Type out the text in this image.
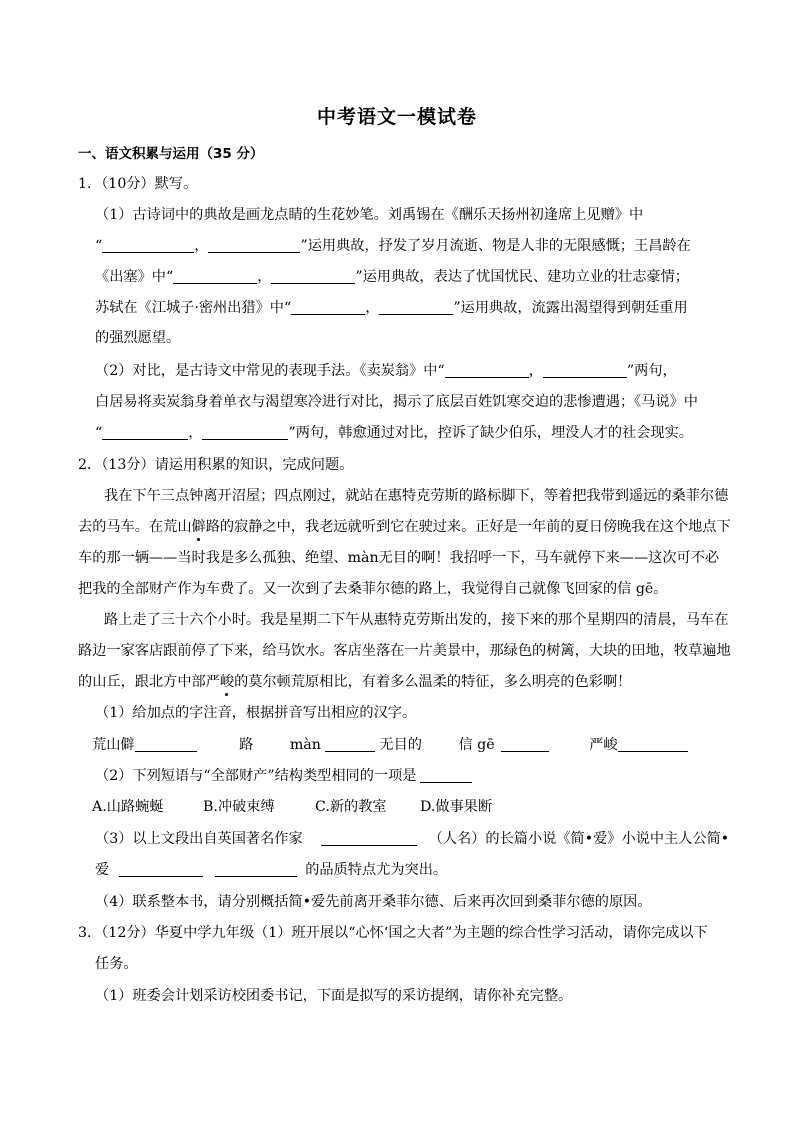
中考语文一模试卷
一、语文积累与运用（35 分）
1．（10分）默写。
（1）古诗词中的典故是画龙点睛的生花妙笔。刘禹锡在《酬乐天扬州初逢席上见赠》中
“	，	”运用典故，抒发了岁月流逝、物是人非的无限感慨；王昌龄在
《出塞》中“	，	”运用典故，表达了忧国忧民、建功立业的壮志豪情；
苏轼在《江城子·密州出猎》中“	，	”运用典故，流露出渴望得到朝廷重用
的强烈愿望。
（2）对比，是古诗文中常见的表现手法。《卖炭翁》中“	，	”两句，
白居易将卖炭翁身着单衣与渴望寒冷进行对比，揭示了底层百姓饥寒交迫的悲惨遭遇；《马说》中
“	，	”两句，韩愈通过对比，控诉了缺少伯乐，埋没人才的社会现实。
2．（13分）请运用积累的知识，完成问题。
我在下午三点钟离开沼屋；四点刚过，就站在惠特克劳斯的路标脚下，等着把我带到遥远的桑菲尔德
去的马车。在荒山僻路的寂静之中，我老远就听到它在驶过来。正好是一年前的夏日傍晚我在这个地点下
车的那一辆——当时我是多么孤独、绝望、màn无目的啊！我招呼一下，马车就停下来——这次可不必
把我的全部财产作为车费了。又一次到了去桑菲尔德的路上，我觉得自己就像飞回家的信 gē。
路上走了三十六个小时。我是星期二下午从惠特克劳斯出发的，接下来的那个星期四的清晨，马车在
路边一家客店跟前停了下来，给马饮水。客店坐落在一片美景中，那绿色的树篱，大块的田地，牧草遍地
的山丘，跟北方中部严峻的莫尔顿荒原相比，有着多么温柔的特征，多么明亮的色彩啊！
（1）给加点的字注音，根据拼音写出相应的汉字。
荒山僻	路	màn	无目的	信 gē	严峻
（2）下列短语与“全部财产”结构类型相同的一项是
A.山路蜿蜒	B.冲破束缚	C.新的教室 D.做事果断
（3）以上文段出自英国著名作家	（人名）的长篇小说《简•爱》小说中主人公简•
爱	的品质特点尤为突出。
（4）联系整本书，请分别概括简•爱先前离开桑菲尔德、后来再次回到桑菲尔德的原因。
3．（12分）华夏中学九年级（1）班开展以“心怀‘国之大者”为主题的综合性学习活动，请你完成以下
任务。
（1）班委会计划采访校团委书记，下面是拟写的采访提纲，请你补充完整。
